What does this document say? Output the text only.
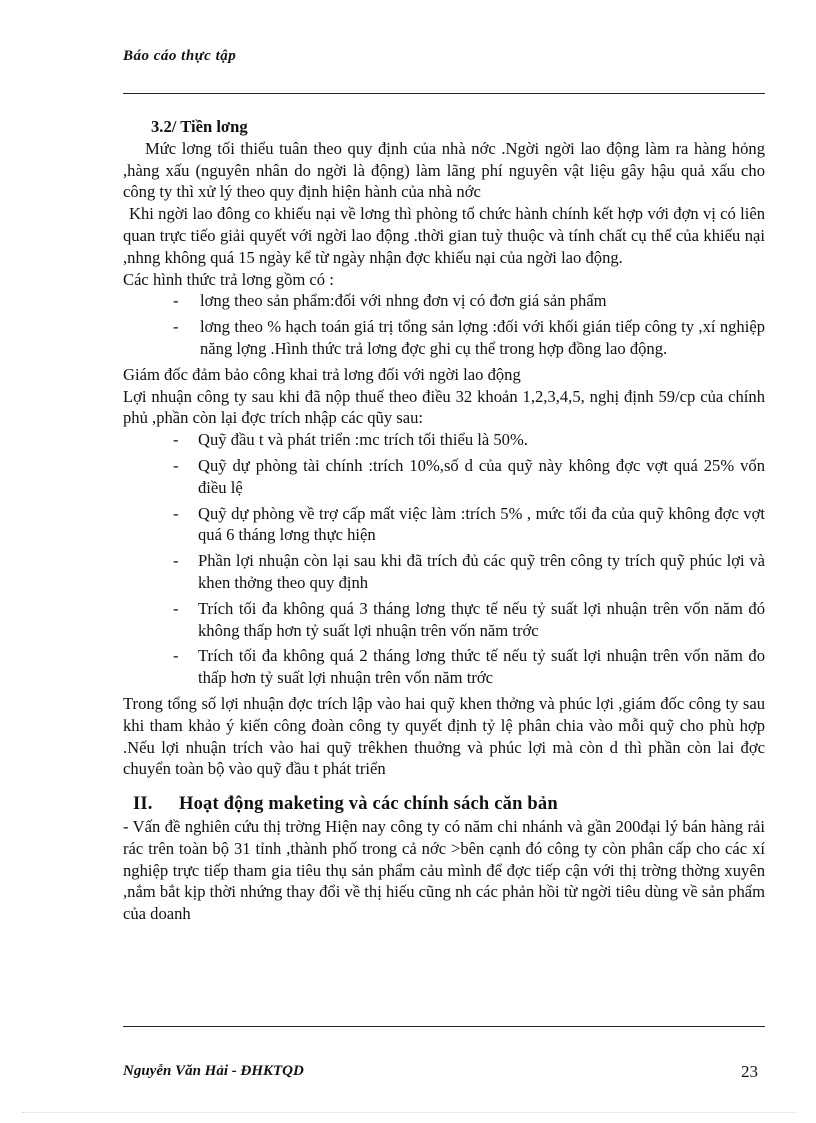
Báo cáo thực tập

3.2/ Tiền lơng

Mức lơng tối thiểu tuân theo quy định của nhà nớc .Ngời ngời lao động làm ra hàng hỏng ,hàng xấu (nguyên nhân do ngời là động) làm lãng phí nguyên vật liệu gây hậu quả xấu cho công ty thì xử lý theo quy định hiện hành của nhà nớc

Khi ngời lao đông co khiếu nại về lơng thì phòng tổ chức hành chính kết hợp với đợn vị có liên quan trực tiếo giải quyết với ngời lao động .thời gian tuỳ thuộc và tính chất cụ thể của khiếu nại ,nhng không quá 15 ngày kể từ ngày nhận đợc khiếu nại của ngời lao động.

Các hình thức trả lơng gồm có :

- lơng theo sản phẩm:đối với nhng đơn vị có đơn giá sản phẩm
- lơng theo % hạch toán giá trị tổng sản lợng :đối với khối gián tiếp công ty ,xí nghiệp năng lợng .Hình thức trả lơng đợc ghi cụ thể trong hợp đồng lao động.

Giám đốc đảm bảo công khai trả lơng đối với ngời lao động

Lợi nhuận công ty sau khi đã nộp thuế theo điều 32 khoản 1,2,3,4,5, nghị định 59/cp của chính phủ ,phần còn lại đợc trích nhập các qũy sau:

- Quỹ đầu t và phát triển :mc trích tối thiểu là 50%.
- Quỹ dự phòng tài chính :trích 10%,số d của quỹ này không đợc vợt quá 25% vốn điều lệ
- Quỹ dự phòng về trợ cấp mất việc làm :trích 5% , mức tối đa của quỹ không đợc vợt quá 6 tháng lơng thực hiện
- Phần lợi nhuận còn lại sau khi đã trích đủ các quỹ trên công ty trích quỹ phúc lợi và khen thởng theo quy định
- Trích tối đa không quá 3 tháng lơng thực tế nếu tỷ suất lợi nhuận trên vốn năm đó không thấp hơn tỷ suất lợi nhuận trên vốn năm trớc
- Trích tối đa không quá 2 tháng lơng thức tế nếu tỷ suất lợi nhuận trên vốn năm đo thấp hơn tỷ suất lợi nhuận trên vốn năm trớc

Trong tổng số lợi nhuận đợc trích lập vào hai quỹ khen thởng và phúc lợi ,giám đốc công ty sau khi tham khảo ý kiến công đoàn công ty quyết định tỷ lệ phân chia vào mỗi quỹ cho phù hợp .Nếu lợi nhuận trích vào hai quỹ trêkhen thuởng và phúc lợi mà còn d thì phần còn lai đợc chuyển toàn bộ vào quỹ đầu t phát triển

II. Hoạt động maketing và các chính sách căn bản

- Vấn đề nghiên cứu thị trờng Hiện nay công ty có năm chi nhánh và gần 200đại lý bán hàng rải rác trên toàn bộ 31 tỉnh ,thành phố trong cả nớc >bên cạnh đó công ty còn phân cấp cho các xí nghiệp trực tiếp tham gia tiêu thụ sản phẩm cảu mình để đợc tiếp cận với thị trờng thờng xuyên ,nắm bắt kịp thời nhứng thay đổi về thị hiếu cũng nh các phản hồi từ ngời tiêu dùng về sản phẩm của doanh

Nguyễn Văn Hải - ĐHKTQD	23
